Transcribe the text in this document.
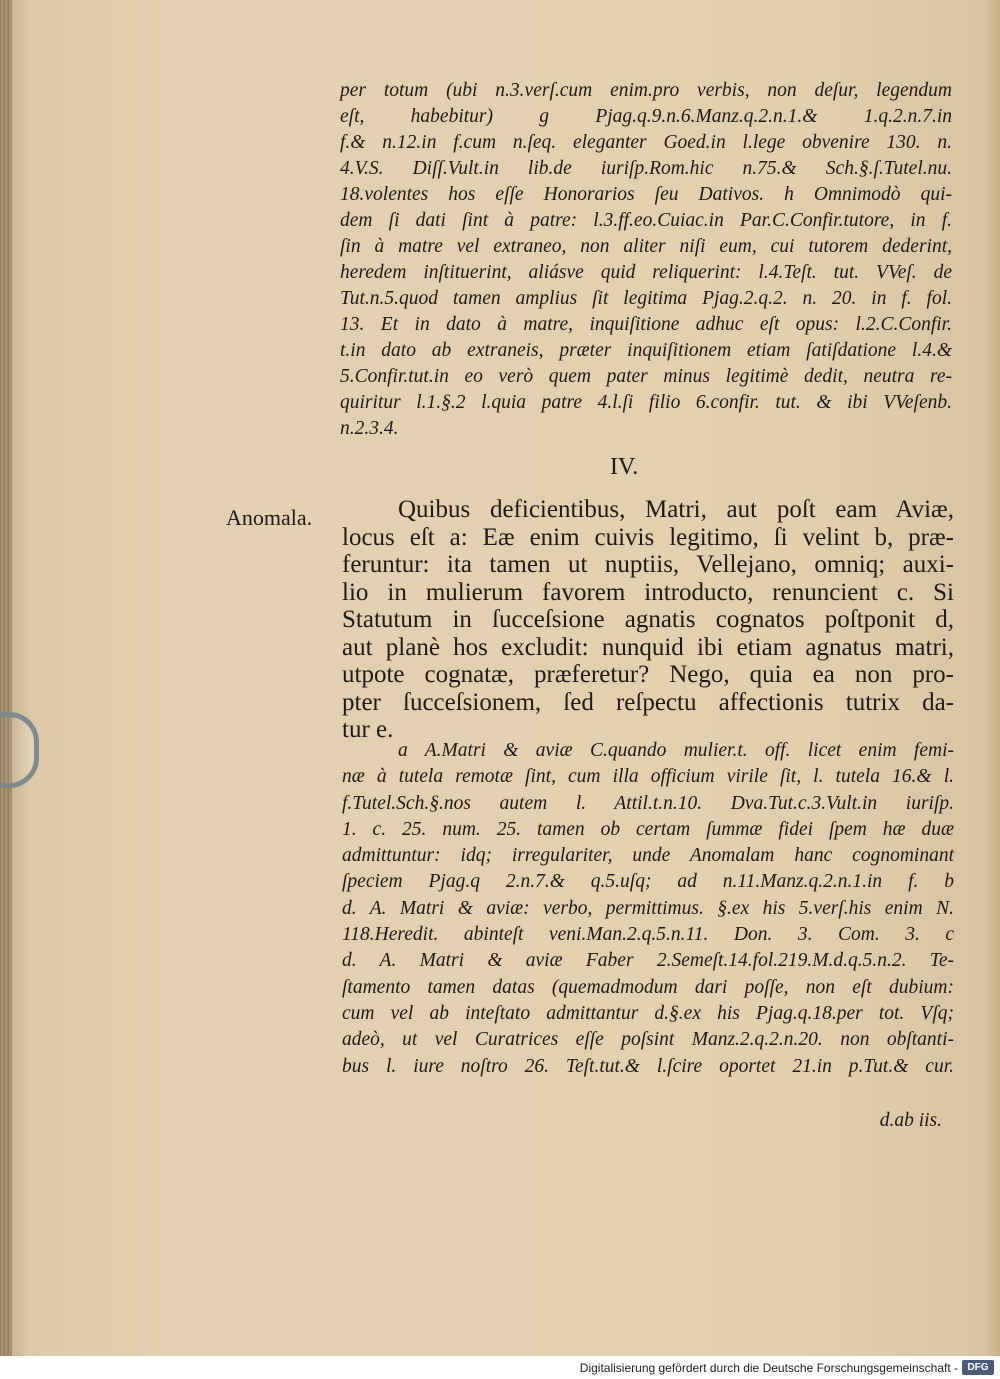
per totum (ubi n.3.verſ.cum enim.pro verbis, non deſur, legendum

eſt, habebitur) g Pjag.q.9.n.6.Manz.q.2.n.1.& 1.q.2.n.7.in

f.& n.12.in f.cum n.ſeq. eleganter Goed.in l.lege obvenire 130. n.

4.V.S. Diſſ.Vult.in lib.de iuriſp.Rom.hic n.75.& Sch.§.ſ.Tutel.nu.

18.volentes hos eſſe Honorarios ſeu Dativos. h Omnimodò qui-

dem ſi dati ſint à patre: l.3.ff.eo.Cuiac.in Par.C.Confir.tutore, in f.

ſin à matre vel extraneo, non aliter niſi eum, cui tutorem dederint,

heredem inſtituerint, aliásve quid reliquerint: l.4.Teſt. tut. VVeſ. de

Tut.n.5.quod tamen amplius ſit legitima Pjag.2.q.2. n. 20. in f. fol.

13. Et in dato à matre, inquiſitione adhuc eſt opus: l.2.C.Confir.

t.in dato ab extraneis, præter inquiſitionem etiam ſatiſdatione l.4.&

5.Confir.tut.in eo verò quem pater minus legitimè dedit, neutra re-

quiritur l.1.§.2 l.quia patre 4.l.ſi filio 6.confir. tut. & ibi VVeſenb.

n.2.3.4.

IV.
Anomala.	Quibus deficientibus, Matri, aut poſt eam Aviæ,

locus eſt a: Eæ enim cuivis legitimo, ſi velint b, præ-

feruntur: ita tamen ut nuptiis, Vellejano, omniq; auxi-

lio in mulierum favorem introducto, renuncient c. Si

Statutum in ſucceſsione agnatis cognatos poſtponit d,

aut planè hos excludit: nunquid ibi etiam agnatus matri,

utpote cognatæ, præferetur? Nego, quia ea non pro-

pter ſucceſsionem, ſed reſpectu affectionis tutrix da-

tur e.

a A.Matri & aviæ C.quando mulier.t. off. licet enim femi-

næ à tutela remotæ ſint, cum illa officium virile ſit, l. tutela 16.& l.

f.Tutel.Sch.§.nos autem l. Attil.t.n.10. Dva.Tut.c.3.Vult.in iuriſp.

1. c. 25. num. 25. tamen ob certam ſummæ fidei ſpem hæ duæ

admittuntur: idq; irregulariter, unde Anomalam hanc cognominant

ſpeciem Pjag.q 2.n.7.& q.5.uſq; ad n.11.Manz.q.2.n.1.in f. b

d. A. Matri & aviæ: verbo, permittimus. §.ex his 5.verſ.his enim N.

118.Heredit. abinteſt veni.Man.2.q.5.n.11. Don. 3. Com. 3. c

d. A. Matri & aviæ Faber 2.Semeſt.14.fol.219.M.d.q.5.n.2. Te-

ſtamento tamen datas (quemadmodum dari poſſe, non eſt dubium:

cum vel ab inteſtato admittantur d.§.ex his Pjag.q.18.per tot. Vſq;

adeò, ut vel Curatrices eſſe poſsint Manz.2.q.2.n.20. non obſtanti-

bus l. iure noſtro 26. Teſt.tut.& l.ſcire oportet 21.in p.Tut.& cur.

d.ab iis.
Digitalisierung gefördert durch die Deutsche Forschungsgemeinschaft - DFG
